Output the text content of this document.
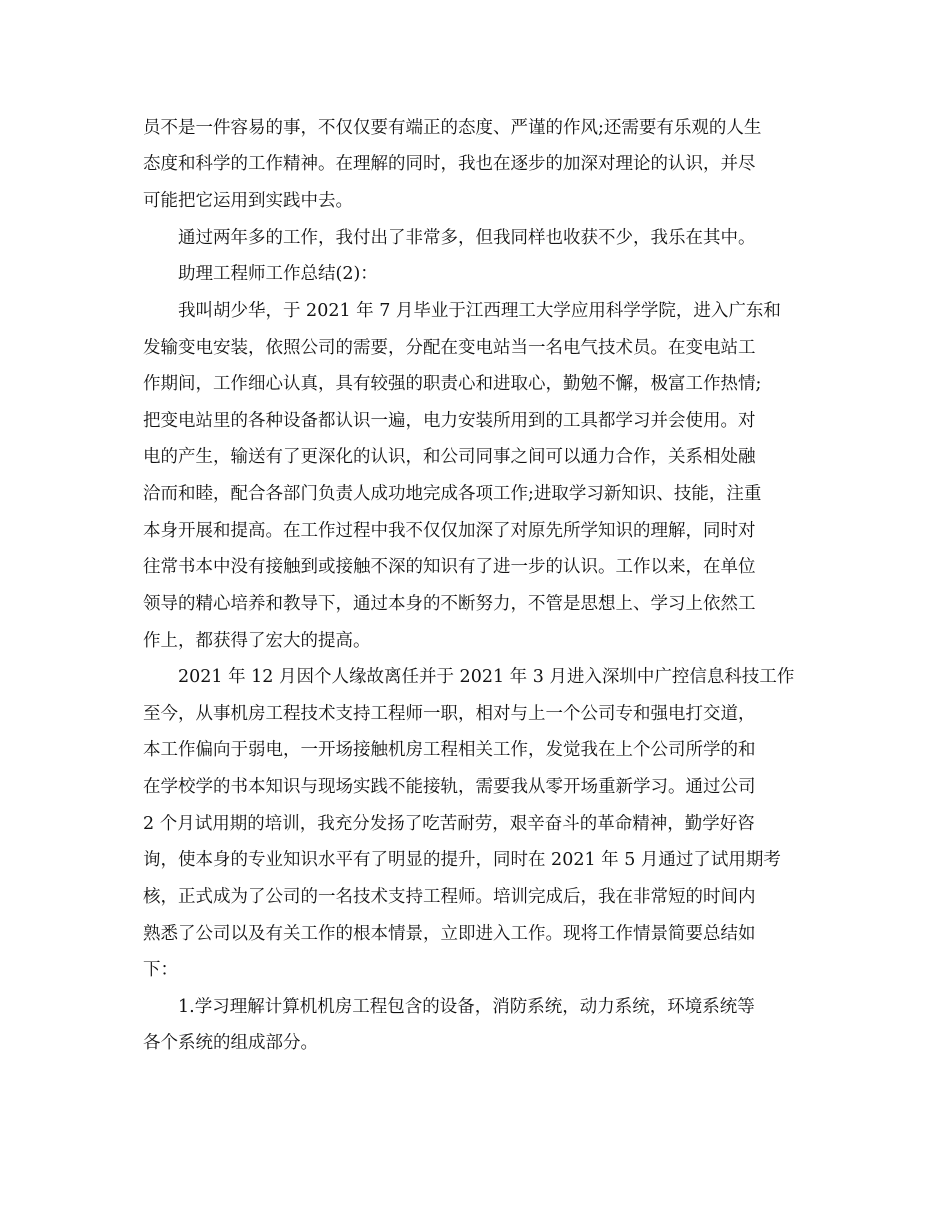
员不是一件容易的事，不仅仅要有端正的态度、严谨的作风;还需要有乐观的人生
态度和科学的工作精神。在理解的同时，我也在逐步的加深对理论的认识，并尽
可能把它运用到实践中去。
通过两年多的工作，我付出了非常多，但我同样也收获不少，我乐在其中。
助理工程师工作总结(2)：
我叫胡少华，于 2021 年 7 月毕业于江西理工大学应用科学学院，进入广东和
发输变电安装，依照公司的需要，分配在变电站当一名电气技术员。在变电站工
作期间，工作细心认真，具有较强的职责心和进取心，勤勉不懈，极富工作热情;
把变电站里的各种设备都认识一遍，电力安装所用到的工具都学习并会使用。对
电的产生，输送有了更深化的认识，和公司同事之间可以通力合作，关系相处融
洽而和睦，配合各部门负责人成功地完成各项工作;进取学习新知识、技能，注重
本身开展和提高。在工作过程中我不仅仅加深了对原先所学知识的理解，同时对
往常书本中没有接触到或接触不深的知识有了进一步的认识。工作以来，在单位
领导的精心培养和教导下，通过本身的不断努力，不管是思想上、学习上依然工
作上，都获得了宏大的提高。
2021 年 12 月因个人缘故离任并于 2021 年 3 月进入深圳中广控信息科技工作
至今，从事机房工程技术支持工程师一职，相对与上一个公司专和强电打交道，
本工作偏向于弱电，一开场接触机房工程相关工作，发觉我在上个公司所学的和
在学校学的书本知识与现场实践不能接轨，需要我从零开场重新学习。通过公司
2 个月试用期的培训，我充分发扬了吃苦耐劳，艰辛奋斗的革命精神，勤学好咨
询，使本身的专业知识水平有了明显的提升，同时在 2021 年 5 月通过了试用期考
核，正式成为了公司的一名技术支持工程师。培训完成后，我在非常短的时间内
熟悉了公司以及有关工作的根本情景，立即进入工作。现将工作情景简要总结如
下：
1.学习理解计算机机房工程包含的设备，消防系统，动力系统，环境系统等
各个系统的组成部分。
